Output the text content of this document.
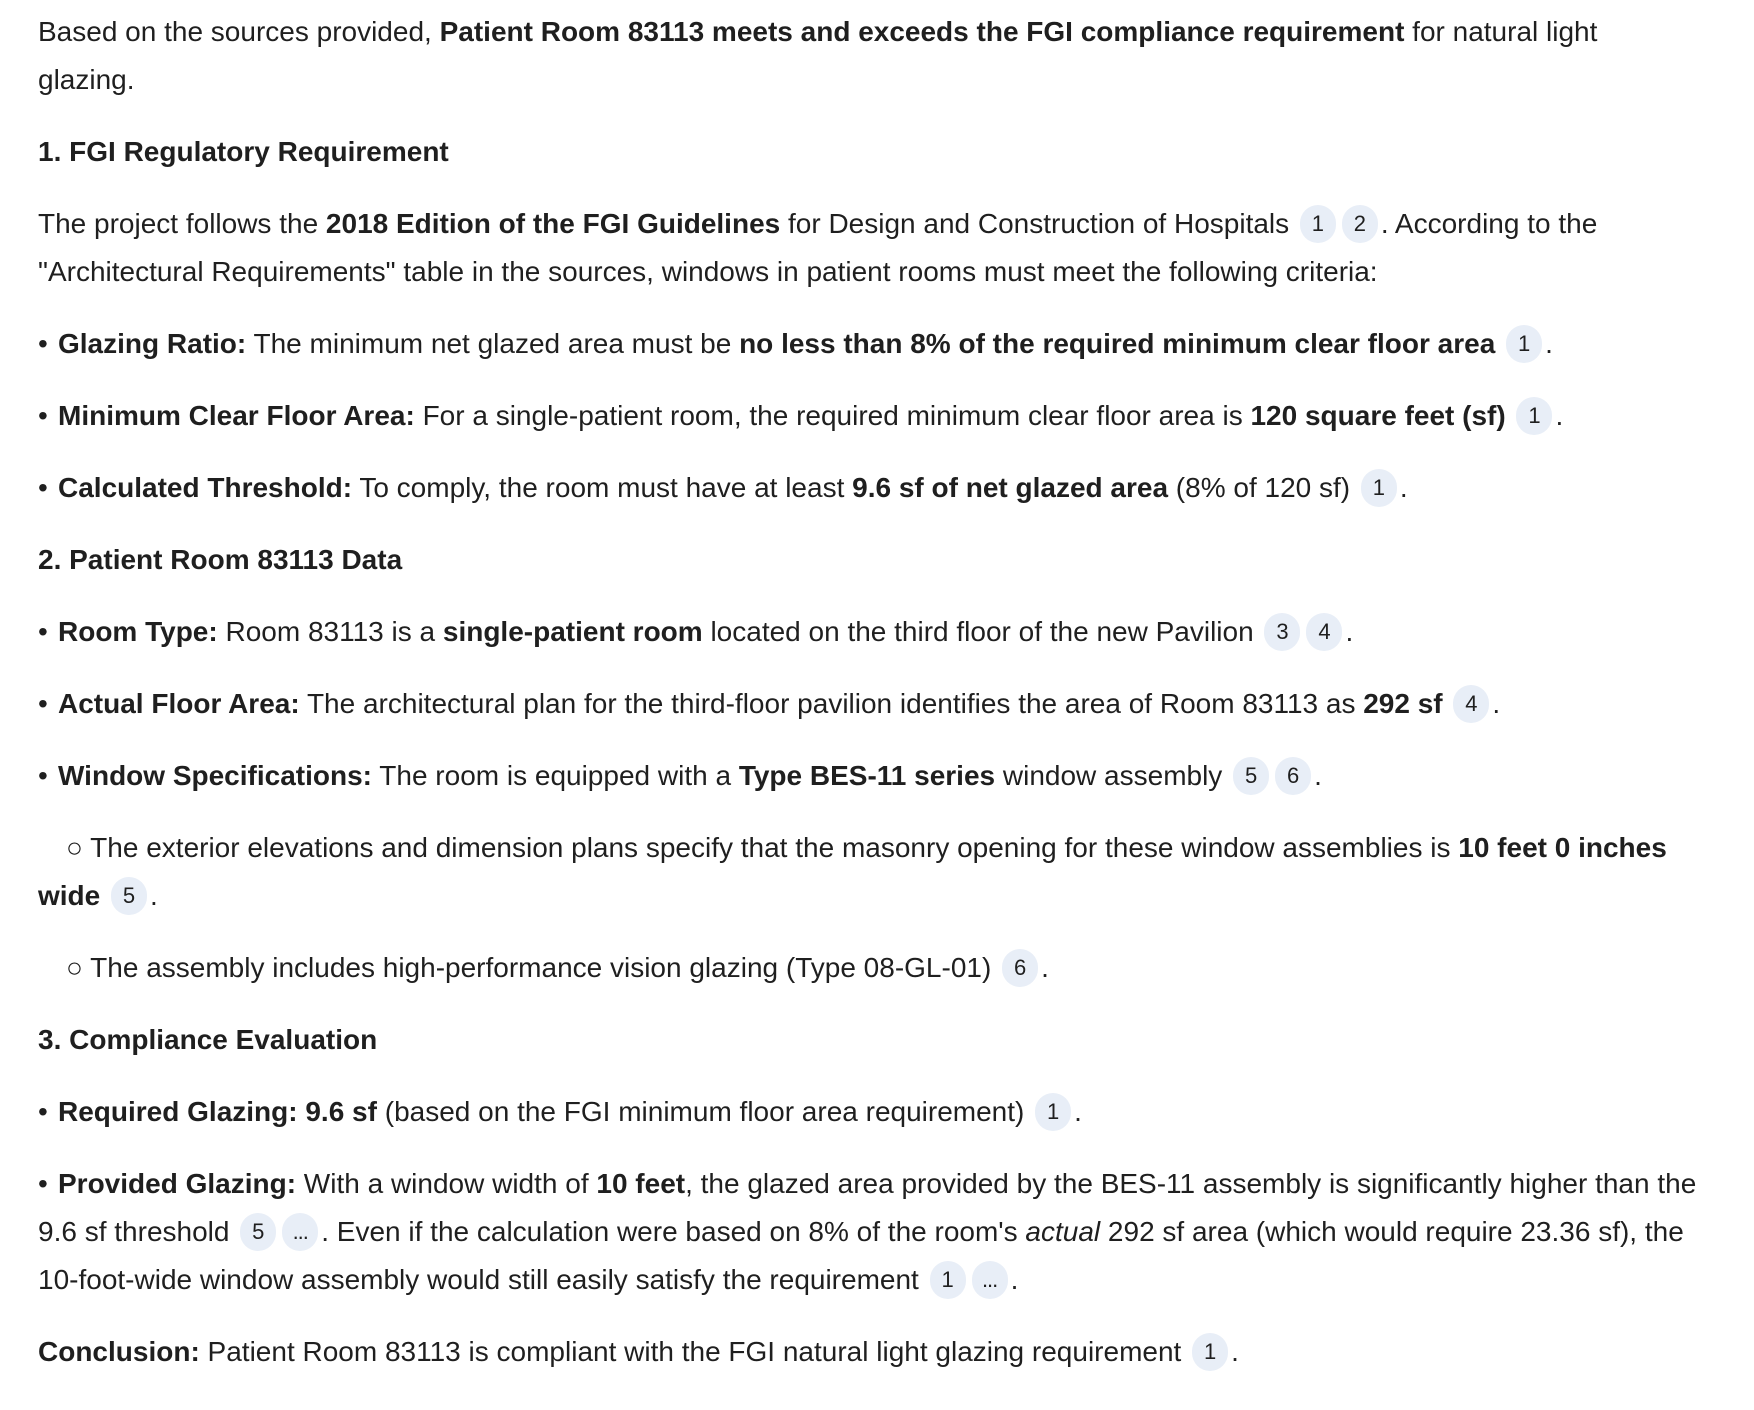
Based on the sources provided, Patient Room 83113 meets and exceeds the FGI compliance requirement for natural light glazing.

1. FGI Regulatory Requirement

The project follows the 2018 Edition of the FGI Guidelines for Design and Construction of Hospitals 1 2 . According to the "Architectural Requirements" table in the sources, windows in patient rooms must meet the following criteria:

• Glazing Ratio: The minimum net glazed area must be no less than 8% of the required minimum clear floor area 1 .

• Minimum Clear Floor Area: For a single-patient room, the required minimum clear floor area is 120 square feet (sf) 1 .

• Calculated Threshold: To comply, the room must have at least 9.6 sf of net glazed area (8% of 120 sf) 1 .

2. Patient Room 83113 Data

• Room Type: Room 83113 is a single-patient room located on the third floor of the new Pavilion 3 4 .

• Actual Floor Area: The architectural plan for the third-floor pavilion identifies the area of Room 83113 as 292 sf 4 .

• Window Specifications: The room is equipped with a Type BES-11 series window assembly 5 6 .

○ The exterior elevations and dimension plans specify that the masonry opening for these window assemblies is 10 feet 0 inches wide 5 .

○ The assembly includes high-performance vision glazing (Type 08-GL-01) 6 .

3. Compliance Evaluation

• Required Glazing: 9.6 sf (based on the FGI minimum floor area requirement) 1 .

• Provided Glazing: With a window width of 10 feet, the glazed area provided by the BES-11 assembly is significantly higher than the 9.6 sf threshold 5 ... . Even if the calculation were based on 8% of the room's actual 292 sf area (which would require 23.36 sf), the 10-foot-wide window assembly would still easily satisfy the requirement 1 ... .

Conclusion: Patient Room 83113 is compliant with the FGI natural light glazing requirement 1 .
